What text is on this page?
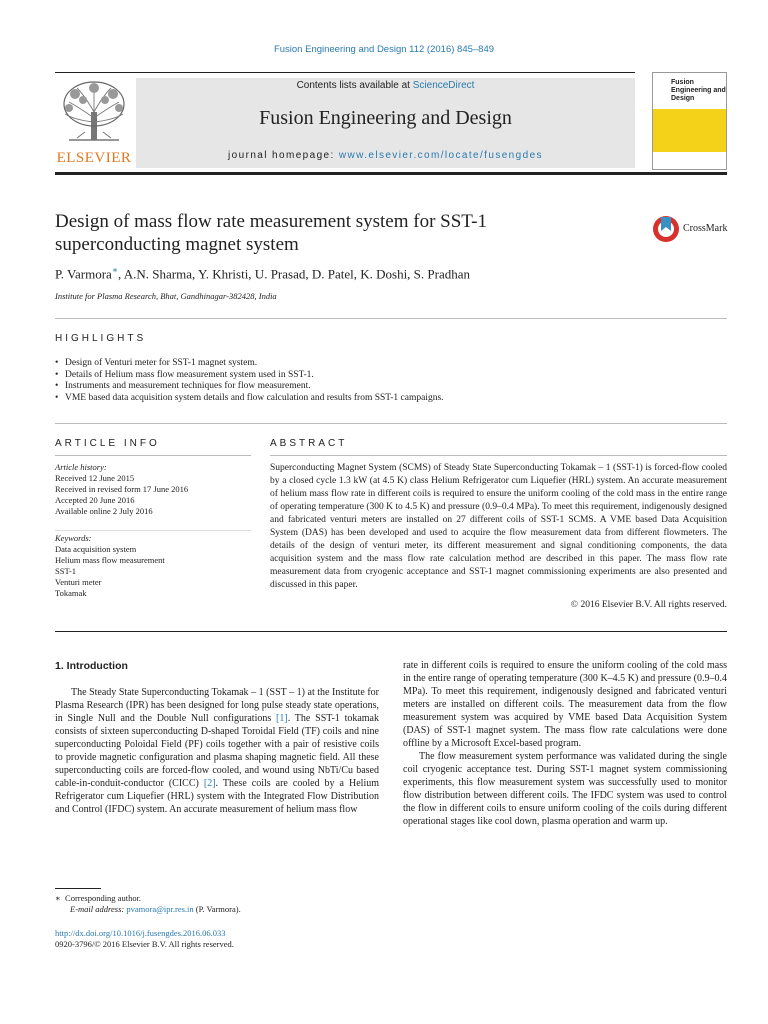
Fusion Engineering and Design 112 (2016) 845–849
ELSEVIER
Contents lists available at ScienceDirect
Fusion Engineering and Design
journal homepage: www.elsevier.com/locate/fusengdes
Fusion Engineering and Design
Design of mass flow rate measurement system for SST-1 superconducting magnet system
CrossMark
P. Varmora∗, A.N. Sharma, Y. Khristi, U. Prasad, D. Patel, K. Doshi, S. Pradhan
Institute for Plasma Research, Bhat, Gandhinagar-382428, India
HIGHLIGHTS
• Design of Venturi meter for SST-1 magnet system.
• Details of Helium mass flow measurement system used in SST-1.
• Instruments and measurement techniques for flow measurement.
• VME based data acquisition system details and flow calculation and results from SST-1 campaigns.
ARTICLE INFO
Article history:
Received 12 June 2015
Received in revised form 17 June 2016
Accepted 20 June 2016
Available online 2 July 2016
Keywords:
Data acquisition system
Helium mass flow measurement
SST-1
Venturi meter
Tokamak
ABSTRACT
Superconducting Magnet System (SCMS) of Steady State Superconducting Tokamak – 1 (SST-1) is forced-flow cooled by a closed cycle 1.3 kW (at 4.5 K) class Helium Refrigerator cum Liquefier (HRL) system. An accurate measurement of helium mass flow rate in different coils is required to ensure the uniform cooling of the cold mass in the entire range of operating temperature (300 K to 4.5 K) and pressure (0.9–0.4 MPa). To meet this requirement, indigenously designed and fabricated venturi meters are installed on 27 different coils of SST-1 SCMS. A VME based Data Acquisition System (DAS) has been developed and used to acquire the flow measurement data from different flowmeters. The details of the design of venturi meter, its different measurement and signal conditioning components, the data acquisition system and the mass flow rate calculation method are described in this paper. The mass flow rate measurement data from cryogenic acceptance and SST-1 magnet commissioning experiments are also presented and discussed in this paper.
© 2016 Elsevier B.V. All rights reserved.
1. Introduction

The Steady State Superconducting Tokamak – 1 (SST – 1) at the Institute for Plasma Research (IPR) has been designed for long pulse steady state operations, in Single Null and the Double Null configurations [1]. The SST-1 tokamak consists of sixteen superconducting D-shaped Toroidal Field (TF) coils and nine superconducting Poloidal Field (PF) coils together with a pair of resistive coils to provide magnetic configuration and plasma shaping magnetic field. All these superconducting coils are forced-flow cooled, and wound using NbTi/Cu based cable-in-conduit-conductor (CICC) [2]. These coils are cooled by a Helium Refrigerator cum Liquefier (HRL) system with the Integrated Flow Distribution and Control (IFDC) system. An accurate measurement of helium mass flow

rate in different coils is required to ensure the uniform cooling of the cold mass in the entire range of operating temperature (300 K–4.5 K) and pressure (0.9–0.4 MPa). To meet this requirement, indigenously designed and fabricated venturi meters are installed on different coils. The measurement data from the flow measurement system was acquired by VME based Data Acquisition System (DAS) of SST-1 magnet system. The mass flow rate calculations were done offline by a Microsoft Excel-based program.

The flow measurement system performance was validated during the single coil cryogenic acceptance test. During SST-1 magnet system commissioning experiments, this flow measurement system was successfully used to monitor flow distribution between different coils. The IFDC system was used to control the flow in different coils to ensure uniform cooling of the coils during different operational stages like cool down, plasma operation and warm up.

∗ Corresponding author.
E-mail address: pvamora@ipr.res.in (P. Varmora).
http://dx.doi.org/10.1016/j.fusengdes.2016.06.033
0920-3796/© 2016 Elsevier B.V. All rights reserved.
